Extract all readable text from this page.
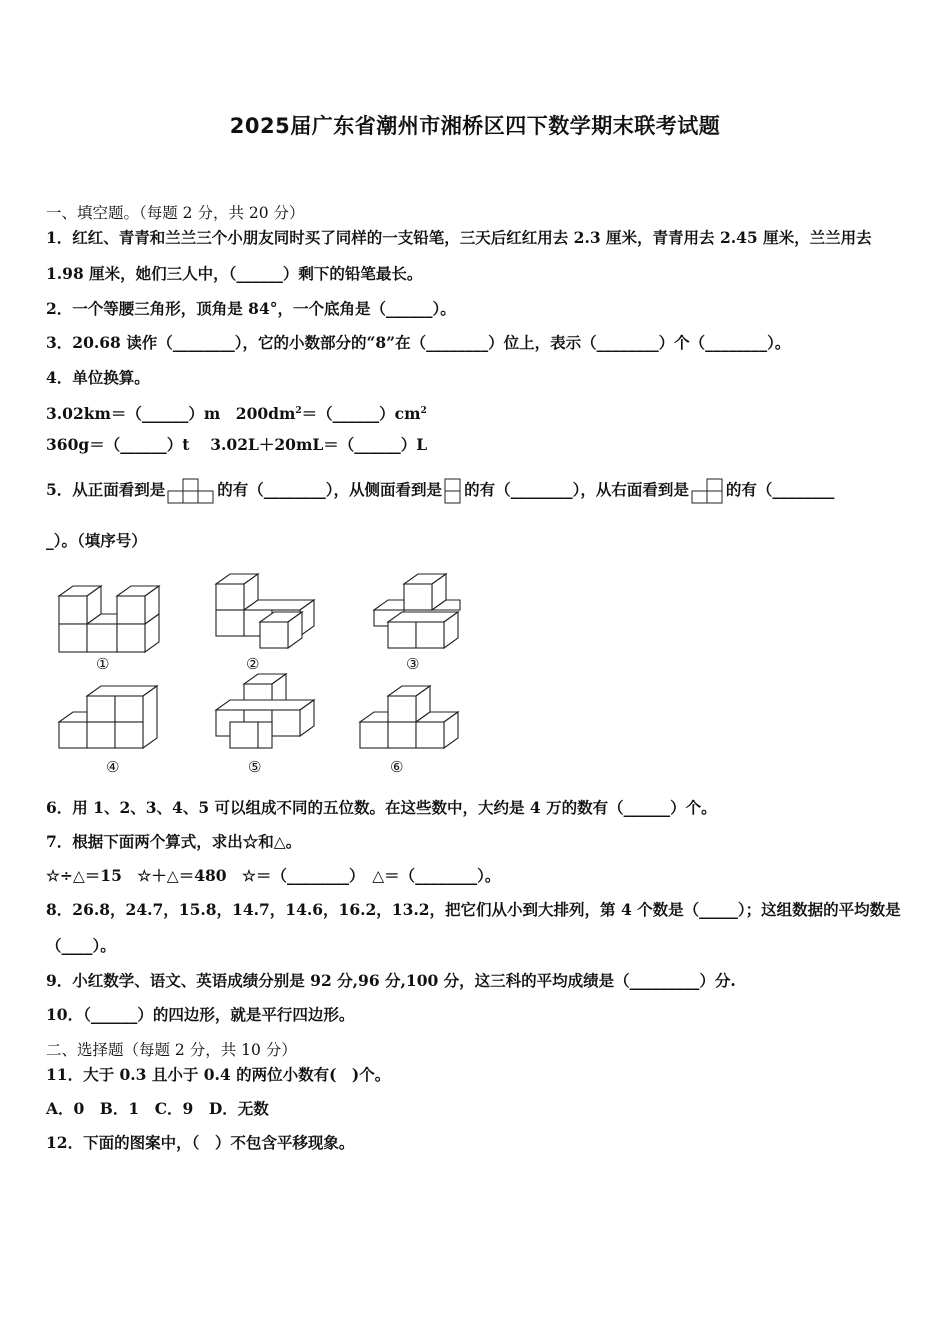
2025届广东省潮州市湘桥区四下数学期末联考试题
一、填空题。（每题 2 分，共 20 分）
1．红红、青青和兰兰三个小朋友同时买了同样的一支铅笔，三天后红红用去 2.3 厘米，青青用去 2.45 厘米，兰兰用去
1.98 厘米，她们三人中，（______）剩下的铅笔最长。
2．一个等腰三角形，顶角是 84°，一个底角是（______）。
3．20.68 读作（________），它的小数部分的“8”在（________）位上，表示（________）个（________）。
4．单位换算。
3.02km＝（______）m　$200dm^2=(\_\_\_\_\_\_)cm^2$
360g＝（______）t　 3.02L＋20mL＝（______）L
5．从正面看到是	的有（________），从侧面看到是 的有（________），从右面看到是 的有（________
_）。（填序号）
①	②	③
④	⑤	⑥
6．用 1、2、3、4、5 可以组成不同的五位数。在这些数中，大约是 4 万的数有（______）个。
7．根据下面两个算式，求出☆和△。
☆÷△＝15　☆＋△＝480　☆＝（________）　△＝（________）。
8．26.8，24.7，15.8，14.7，14.6，16.2，13.2，把它们从小到大排列，第 4 个数是（_____）；这组数据的平均数是
（____）。
9．小红数学、语文、英语成绩分别是 92 分,96 分,100 分，这三科的平均成绩是（_________）分.
10．（______）的四边形，就是平行四边形。
二、选择题（每题 2 分，共 10 分）
11．大于 0.3 且小于 0.4 的两位小数有(　)个。
A．0　B．1　C．9　D．无数
12．下面的图案中，（　）不包含平移现象。
